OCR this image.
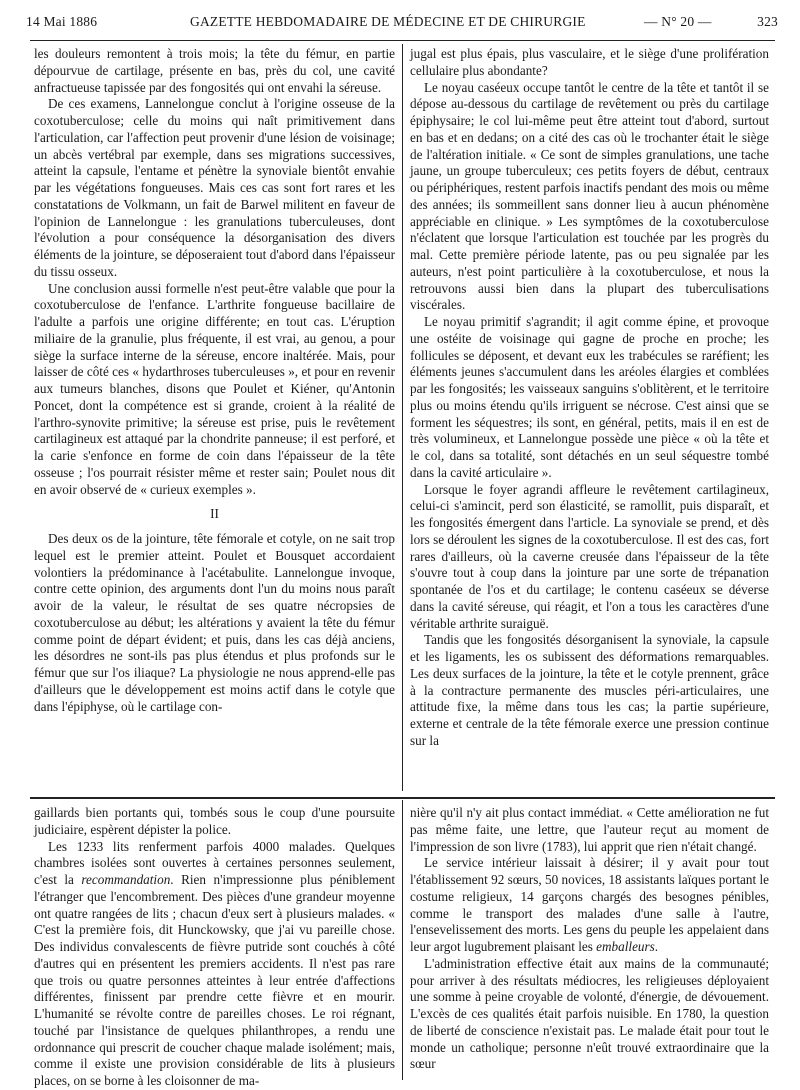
14 Mai 1886	GAZETTE HEBDOMADAIRE DE MÉDECINE ET DE CHIRURGIE	— N° 20 —	323

les douleurs remontent à trois mois; la tête du fémur, en partie dépourvue de cartilage, présente en bas, près du col, une cavité anfractueuse tapissée par des fongosités qui ont envahi la séreuse.

De ces examens, Lannelongue conclut à l'origine osseuse de la coxotuberculose; celle du moins qui naît primitivement dans l'articulation, car l'affection peut provenir d'une lésion de voisinage; un abcès vertébral par exemple, dans ses migrations successives, atteint la capsule, l'entame et pénètre la synoviale bientôt envahie par les végétations fongueuses. Mais ces cas sont fort rares et les constatations de Volkmann, un fait de Barwel militent en faveur de l'opinion de Lannelongue : les granulations tuberculeuses, dont l'évolution a pour conséquence la désorganisation des divers éléments de la jointure, se déposeraient tout d'abord dans l'épaisseur du tissu osseux.

Une conclusion aussi formelle n'est peut-être valable que pour la coxotuberculose de l'enfance. L'arthrite fongueuse bacillaire de l'adulte a parfois une origine différente; en tout cas. L'éruption miliaire de la granulie, plus fréquente, il est vrai, au genou, a pour siège la surface interne de la séreuse, encore inaltérée. Mais, pour laisser de côté ces « hydarthroses tuberculeuses », et pour en revenir aux tumeurs blanches, disons que Poulet et Kiéner, qu'Antonin Poncet, dont la compétence est si grande, croient à la réalité de l'arthro-synovite primitive; la séreuse est prise, puis le revêtement cartilagineux est attaqué par la chondrite panneuse; il est perforé, et la carie s'enfonce en forme de coin dans l'épaisseur de la tête osseuse ; l'os pourrait résister même et rester sain; Poulet nous dit en avoir observé de « curieux exemples ».

II

Des deux os de la jointure, tête fémorale et cotyle, on ne sait trop lequel est le premier atteint. Poulet et Bousquet accordaient volontiers la prédominance à l'acétabulite. Lannelongue invoque, contre cette opinion, des arguments dont l'un du moins nous paraît avoir de la valeur, le résultat de ses quatre nécropsies de coxotuberculose au début; les altérations y avaient la tête du fémur comme point de départ évident; et puis, dans les cas déjà anciens, les désordres ne sont-ils pas plus étendus et plus profonds sur le fémur que sur l'os iliaque? La physiologie ne nous apprend-elle pas d'ailleurs que le développement est moins actif dans le cotyle que dans l'épiphyse, où le cartilage con-

jugal est plus épais, plus vasculaire, et le siège d'une prolifération cellulaire plus abondante?

Le noyau caséeux occupe tantôt le centre de la tête et tantôt il se dépose au-dessous du cartilage de revêtement ou près du cartilage épiphysaire; le col lui-même peut être atteint tout d'abord, surtout en bas et en dedans; on a cité des cas où le trochanter était le siège de l'altération initiale. « Ce sont de simples granulations, une tache jaune, un groupe tuberculeux; ces petits foyers de début, centraux ou périphériques, restent parfois inactifs pendant des mois ou même des années; ils sommeillent sans donner lieu à aucun phénomène appréciable en clinique. » Les symptômes de la coxotuberculose n'éclatent que lorsque l'articulation est touchée par les progrès du mal. Cette première période latente, pas ou peu signalée par les auteurs, n'est point particulière à la coxotuberculose, et nous la retrouvons aussi bien dans la plupart des tuberculisations viscérales.

Le noyau primitif s'agrandit; il agit comme épine, et provoque une ostéite de voisinage qui gagne de proche en proche; les follicules se déposent, et devant eux les trabécules se raréfient; les éléments jeunes s'accumulent dans les aréoles élargies et comblées par les fongosités; les vaisseaux sanguins s'oblitèrent, et le territoire plus ou moins étendu qu'ils irriguent se nécrose. C'est ainsi que se forment les séquestres; ils sont, en général, petits, mais il en est de très volumineux, et Lannelongue possède une pièce « où la tête et le col, dans sa totalité, sont détachés en un seul séquestre tombé dans la cavité articulaire ».

Lorsque le foyer agrandi affleure le revêtement cartilagineux, celui-ci s'amincit, perd son élasticité, se ramollit, puis disparaît, et les fongosités émergent dans l'article. La synoviale se prend, et dès lors se déroulent les signes de la coxotuberculose. Il est des cas, fort rares d'ailleurs, où la caverne creusée dans l'épaisseur de la tête s'ouvre tout à coup dans la jointure par une sorte de trépanation spontanée de l'os et du cartilage; le contenu caséeux se déverse dans la cavité séreuse, qui réagit, et l'on a tous les caractères d'une véritable arthrite suraiguë.

Tandis que les fongosités désorganisent la synoviale, la capsule et les ligaments, les os subissent des déformations remarquables. Les deux surfaces de la jointure, la tête et le cotyle prennent, grâce à la contracture permanente des muscles péri-articulaires, une attitude fixe, la même dans tous les cas; la partie supérieure, externe et centrale de la tête fémorale exerce une pression continue sur la

gaillards bien portants qui, tombés sous le coup d'une poursuite judiciaire, espèrent dépister la police.

Les 1233 lits renferment parfois 4000 malades. Quelques chambres isolées sont ouvertes à certaines personnes seulement, c'est la recommandation. Rien n'impressionne plus péniblement l'étranger que l'encombrement. Des pièces d'une grandeur moyenne ont quatre rangées de lits ; chacun d'eux sert à plusieurs malades. « C'est la première fois, dit Hunckowsky, que j'ai vu pareille chose. Des individus convalescents de fièvre putride sont couchés à côté d'autres qui en présentent les premiers accidents. Il n'est pas rare que trois ou quatre personnes atteintes à leur entrée d'affections différentes, finissent par prendre cette fièvre et en mourir. L'humanité se révolte contre de pareilles choses. Le roi régnant, touché par l'insistance de quelques philanthropes, a rendu une ordonnance qui prescrit de coucher chaque malade isolément; mais, comme il existe une provision considérable de lits à plusieurs places, on se borne à les cloisonner de ma-

nière qu'il n'y ait plus contact immédiat. « Cette amélioration ne fut pas même faite, une lettre, que l'auteur reçut au moment de l'impression de son livre (1783), lui apprit que rien n'était changé.

Le service intérieur laissait à désirer; il y avait pour tout l'établissement 92 sœurs, 50 novices, 18 assistants laïques portant le costume religieux, 14 garçons chargés des besognes pénibles, comme le transport des malades d'une salle à l'autre, l'ensevelissement des morts. Les gens du peuple les appelaient dans leur argot lugubrement plaisant les emballeurs.

L'administration effective était aux mains de la communauté; pour arriver à des résultats médiocres, les religieuses déployaient une somme à peine croyable de volonté, d'énergie, de dévouement. L'excès de ces qualités était parfois nuisible. En 1780, la question de liberté de conscience n'existait pas. Le malade était pour tout le monde un catholique; personne n'eût trouvé extraordinaire que la sœur
